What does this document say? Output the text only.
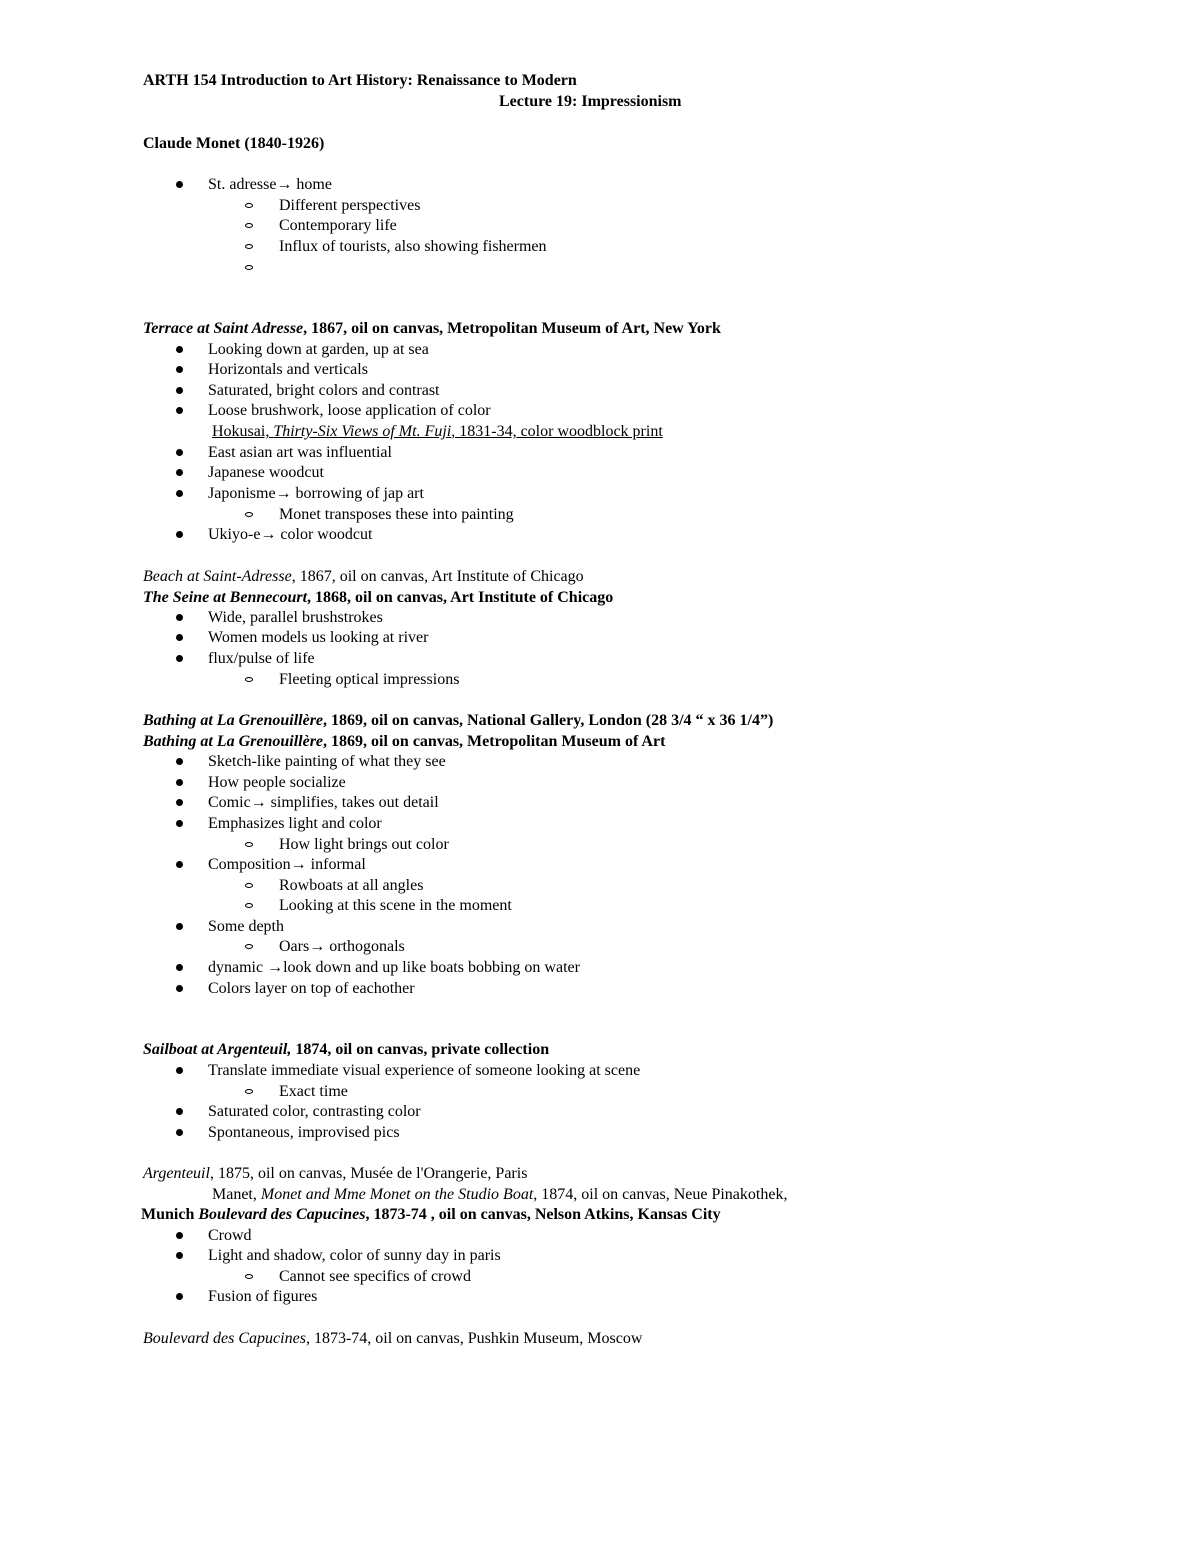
ARTH 154 Introduction to Art History: Renaissance to Modern
Lecture 19: Impressionism
Claude Monet (1840-1926)
St. adresse→ home
Different perspectives
Contemporary life
Influx of tourists, also showing fishermen
Terrace at Saint Adresse, 1867, oil on canvas, Metropolitan Museum of Art, New York
Looking down at garden, up at sea
Horizontals and verticals
Saturated, bright colors and contrast
Loose brushwork, loose application of color
Hokusai, Thirty-Six Views of Mt. Fuji, 1831-34, color woodblock print
East asian art was influential
Japanese woodcut
Japonisme→ borrowing of jap art
Monet transposes these into painting
Ukiyo-e→ color woodcut
Beach at Saint-Adresse, 1867, oil on canvas, Art Institute of Chicago
The Seine at Bennecourt, 1868, oil on canvas, Art Institute of Chicago
Wide, parallel brushstrokes
Women models us looking at river
flux/pulse of life
Fleeting optical impressions
Bathing at La Grenouillère, 1869, oil on canvas, National Gallery, London (28 3/4 “ x 36 1/4”)
Bathing at La Grenouillère, 1869, oil on canvas, Metropolitan Museum of Art
Sketch-like painting of what they see
How people socialize
Comic→ simplifies, takes out detail
Emphasizes light and color
How light brings out color
Composition→ informal
Rowboats at all angles
Looking at this scene in the moment
Some depth
Oars→ orthogonals
dynamic →look down and up like boats bobbing on water
Colors layer on top of eachother
Sailboat at Argenteuil, 1874, oil on canvas, private collection
Translate immediate visual experience of someone looking at scene
Exact time
Saturated color, contrasting color
Spontaneous, improvised pics
Argenteuil, 1875, oil on canvas, Musée de l'Orangerie, Paris
Manet, Monet and Mme Monet on the Studio Boat, 1874, oil on canvas, Neue Pinakothek,
Munich Boulevard des Capucines, 1873-74 , oil on canvas, Nelson Atkins, Kansas City
Crowd
Light and shadow, color of sunny day in paris
Cannot see specifics of crowd
Fusion of figures
Boulevard des Capucines, 1873-74, oil on canvas, Pushkin Museum, Moscow
